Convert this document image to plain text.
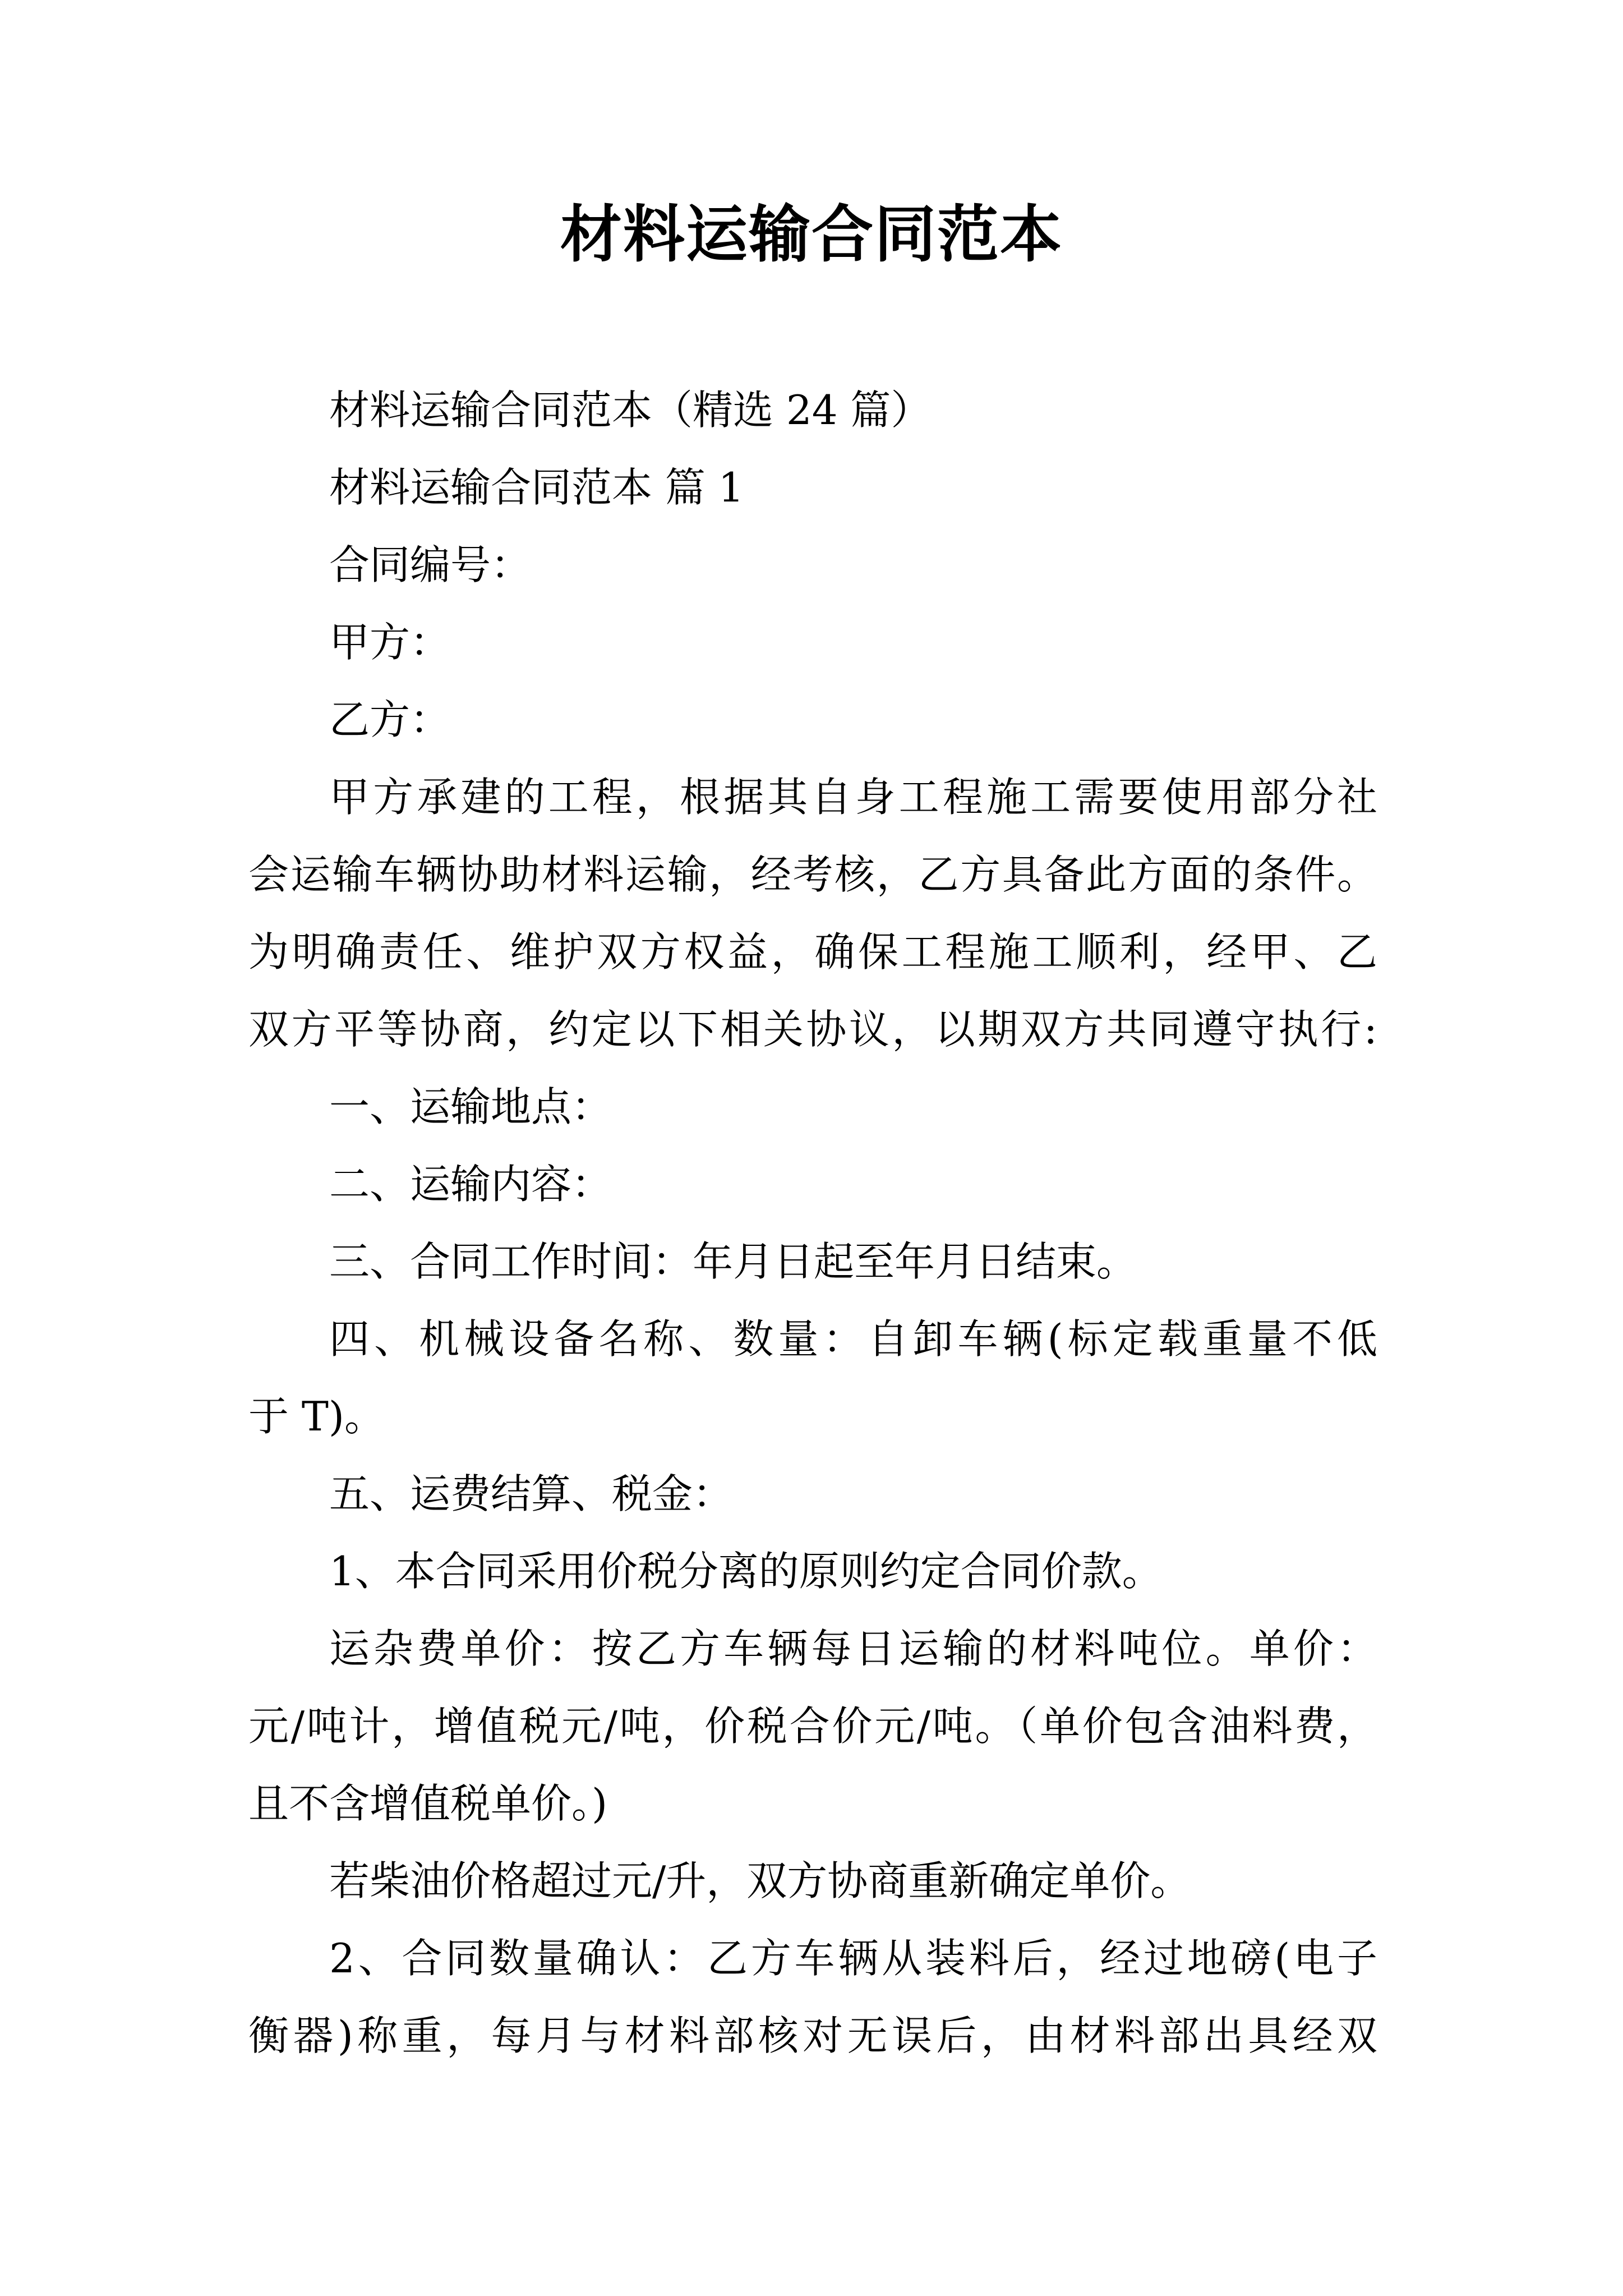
材料运输合同范本
材料运输合同范本（精选 24 篇）
材料运输合同范本 篇 1
合同编号：
甲方：
乙方：
甲方承建的工程，根据其自身工程施工需要使用部分社
会运输车辆协助材料运输，经考核，乙方具备此方面的条件。
为明确责任、维护双方权益，确保工程施工顺利，经甲、乙
双方平等协商，约定以下相关协议，以期双方共同遵守执行:
一、运输地点：
二、运输内容：
三、合同工作时间：年月日起至年月日结束。
四、机械设备名称、数量：自卸车辆(标定载重量不低
于 T)。
五、运费结算、税金：
1、本合同采用价税分离的原则约定合同价款。
运杂费单价：按乙方车辆每日运输的材料吨位。单价：
元/吨计，增值税元/吨，价税合价元/吨。（单价包含油料费，
且不含增值税单价。)
若柴油价格超过元/升，双方协商重新确定单价。
2、合同数量确认：乙方车辆从装料后，经过地磅(电子
衡器)称重，每月与材料部核对无误后，由材料部出具经双
